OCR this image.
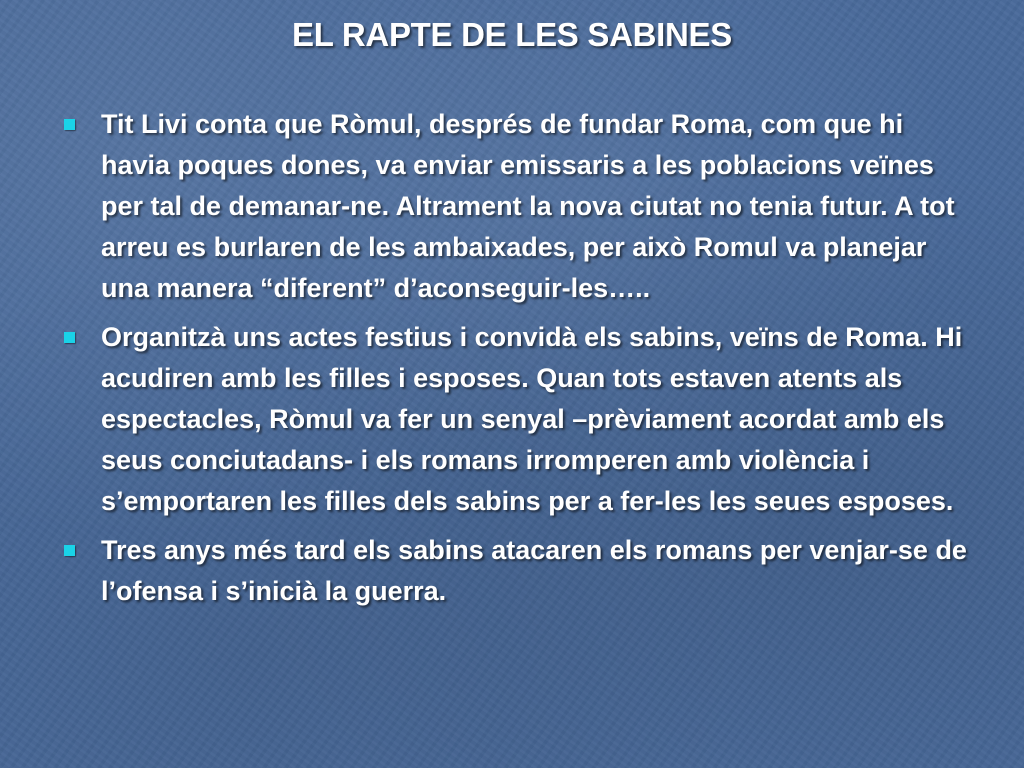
EL RAPTE DE LES SABINES
Tit Livi conta que Ròmul, després de fundar Roma, com que hi havia poques dones, va enviar emissaris a les poblacions veïnes per tal de demanar-ne. Altrament la nova ciutat no tenia futur. A tot arreu es burlaren de les ambaixades, per això Romul va planejar una manera “diferent” d’aconseguir-les…..
Organitzà uns actes festius i convidà els sabins, veïns de Roma. Hi acudiren amb les filles i esposes. Quan tots estaven atents als espectacles, Ròmul va fer un senyal –prèviament acordat amb els seus conciutadans- i els romans irromperen amb violència i s’emportaren les filles dels sabins per a fer-les les seues esposes.
Tres anys més tard els sabins atacaren els romans per venjar-se de l’ofensa i s’inicià la guerra.
